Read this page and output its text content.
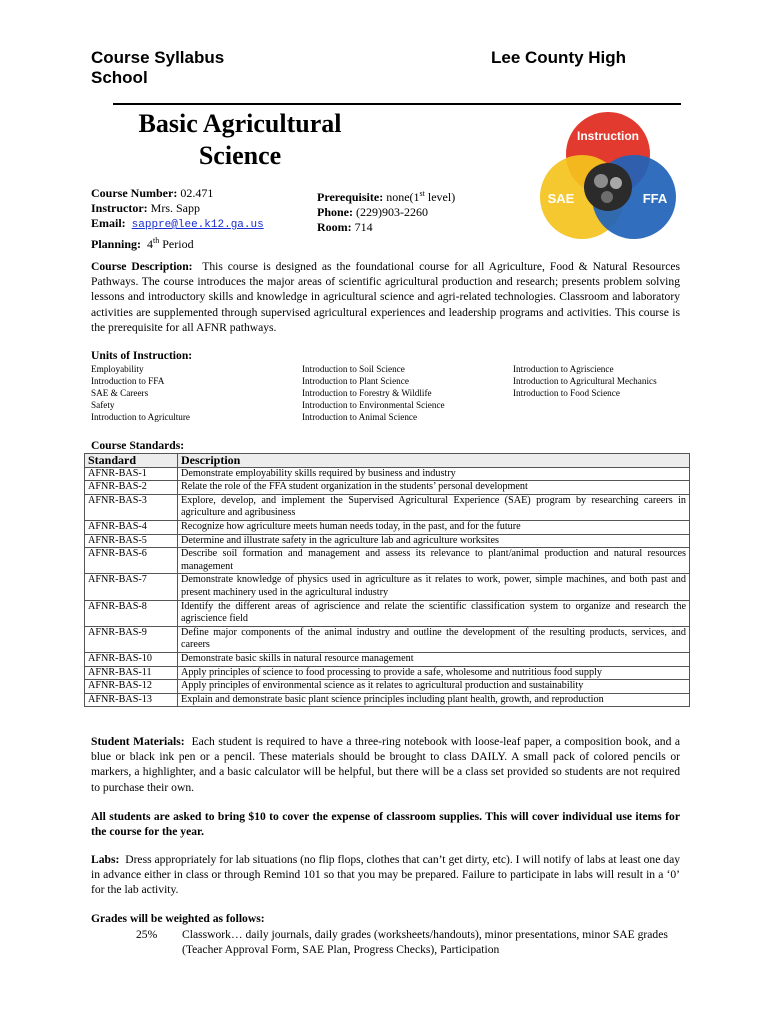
Course Syllabus
School
Lee County High
Basic Agricultural
Science
Instruction
SAE	FFA
Course Number: 02.471
Instructor: Mrs. Sapp
Email: sappre@lee.k12.ga.us
Planning: 4th Period
Prerequisite: none(1st level)
Phone: (229)903-2260
Room: 714
Course Description: This course is designed as the foundational course for all Agriculture, Food & Natural Resources Pathways. The course introduces the major areas of scientific agricultural production and research; presents problem solving lessons and introductory skills and knowledge in agricultural science and agri-related technologies. Classroom and laboratory activities are supplemented through supervised agricultural experiences and leadership programs and activities. This course is the prerequisite for all AFNR pathways.
Units of Instruction:
Employability
Introduction to FFA
SAE & Careers
Safety
Introduction to Agriculture
Introduction to Soil Science
Introduction to Plant Science
Introduction to Forestry & Wildlife
Introduction to Environmental Science
Introduction to Animal Science
Introduction to Agriscience
Introduction to Agricultural Mechanics
Introduction to Food Science
Course Standards:
Standard	Description
AFNR-BAS-1	Demonstrate employability skills required by business and industry
AFNR-BAS-2	Relate the role of the FFA student organization in the students’ personal development
AFNR-BAS-3	Explore, develop, and implement the Supervised Agricultural Experience (SAE) program by researching careers in agriculture and agribusiness
AFNR-BAS-4	Recognize how agriculture meets human needs today, in the past, and for the future
AFNR-BAS-5	Determine and illustrate safety in the agriculture lab and agriculture worksites
AFNR-BAS-6	Describe soil formation and management and assess its relevance to plant/animal production and natural resources management
AFNR-BAS-7	Demonstrate knowledge of physics used in agriculture as it relates to work, power, simple machines, and both past and present machinery used in the agricultural industry
AFNR-BAS-8	Identify the different areas of agriscience and relate the scientific classification system to organize and research the agriscience field
AFNR-BAS-9	Define major components of the animal industry and outline the development of the resulting products, services, and careers
AFNR-BAS-10	Demonstrate basic skills in natural resource management
AFNR-BAS-11	Apply principles of science to food processing to provide a safe, wholesome and nutritious food supply
AFNR-BAS-12	Apply principles of environmental science as it relates to agricultural production and sustainability
AFNR-BAS-13	Explain and demonstrate basic plant science principles including plant health, growth, and reproduction
Student Materials: Each student is required to have a three-ring notebook with loose-leaf paper, a composition book, and a blue or black ink pen or a pencil. These materials should be brought to class DAILY. A small pack of colored pencils or markers, a highlighter, and a basic calculator will be helpful, but there will be a class set provided so students are not required to purchase their own.
All students are asked to bring $10 to cover the expense of classroom supplies. This will cover individual use items for the course for the year.
Labs: Dress appropriately for lab situations (no flip flops, clothes that can’t get dirty, etc). I will notify of labs at least one day in advance either in class or through Remind 101 so that you may be prepared. Failure to participate in labs will result in a ‘0’ for the lab activity.
Grades will be weighted as follows:
25%	Classwork… daily journals, daily grades (worksheets/handouts), minor presentations, minor SAE grades (Teacher Approval Form, SAE Plan, Progress Checks), Participation
